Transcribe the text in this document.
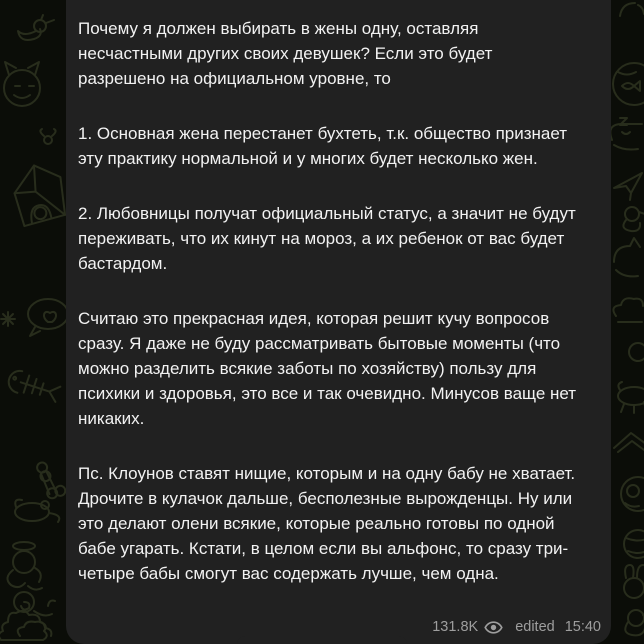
Почему я должен выбирать в жены одну, оставляя
несчастными других своих девушек? Если это будет
разрешено на официальном уровне, то
1. Основная жена перестанет бухтеть, т.к. общество признает
эту практику нормальной и у многих будет несколько жен.
2. Любовницы получат официальный статус, а значит не будут
переживать, что их кинут на мороз, а их ребенок от вас будет
бастардом.
Считаю это прекрасная идея, которая решит кучу вопросов
сразу. Я даже не буду рассматривать бытовые моменты (что
можно разделить всякие заботы по хозяйству) пользу для
психики и здоровья, это все и так очевидно. Минусов ваще нет
никаких.
Пс. Клоунов ставят нищие, которым и на одну бабу не хватает.
Дрочите в кулачок дальше, бесполезные вырожденцы. Ну или
это делают олени всякие, которые реально готовы по одной
бабе угарать. Кстати, в целом если вы альфонс, то сразу три-
четыре бабы смогут вас содержать лучше, чем одна.
131.8K	edited 15:40
